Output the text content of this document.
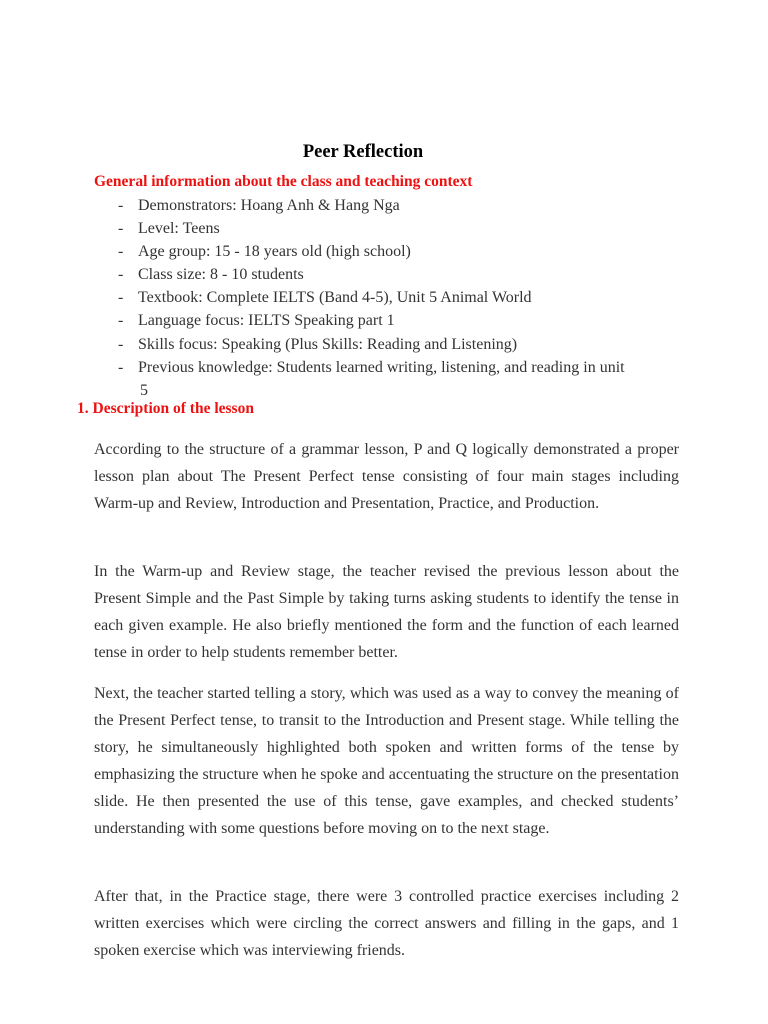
Peer Reflection
General information about the class and teaching context
- Demonstrators: Hoang Anh & Hang Nga
- Level: Teens
- Age group: 15 - 18 years old (high school)
- Class size: 8 - 10 students
- Textbook: Complete IELTS (Band 4-5), Unit 5 Animal World
- Language focus: IELTS Speaking part 1
- Skills focus: Speaking (Plus Skills: Reading and Listening)
- Previous knowledge: Students learned writing, listening, and reading in unit
5
1. Description of the lesson

According to the structure of a grammar lesson, P and Q logically demonstrated a proper lesson plan about The Present Perfect tense consisting of four main stages including Warm-up and Review, Introduction and Presentation, Practice, and Production.

In the Warm-up and Review stage, the teacher revised the previous lesson about the Present Simple and the Past Simple by taking turns asking students to identify the tense in each given example. He also briefly mentioned the form and the function of each learned tense in order to help students remember better.

Next, the teacher started telling a story, which was used as a way to convey the meaning of the Present Perfect tense, to transit to the Introduction and Present stage. While telling the story, he simultaneously highlighted both spoken and written forms of the tense by emphasizing the structure when he spoke and accentuating the structure on the presentation slide. He then presented the use of this tense, gave examples, and checked students’ understanding with some questions before moving on to the next stage.

After that, in the Practice stage, there were 3 controlled practice exercises including 2 written exercises which were circling the correct answers and filling in the gaps, and 1 spoken exercise which was interviewing friends.
